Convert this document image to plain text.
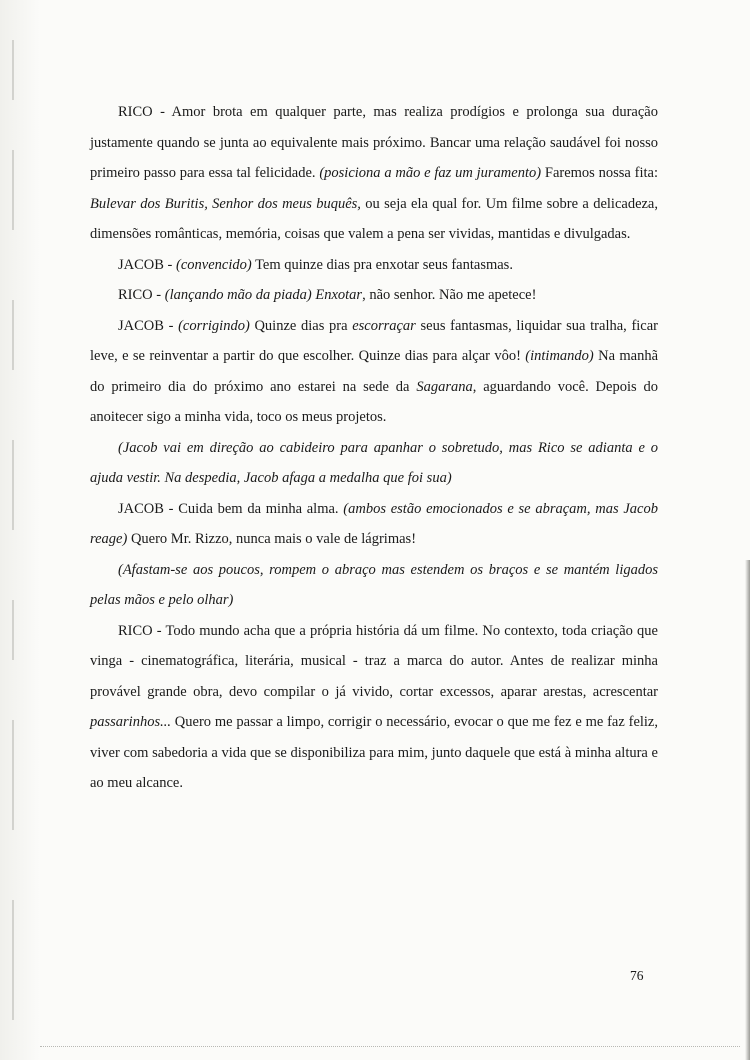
RICO - Amor brota em qualquer parte, mas realiza prodígios e prolonga sua duração justamente quando se junta ao equivalente mais próximo. Bancar uma relação saudável foi nosso primeiro passo para essa tal felicidade. (posiciona a mão e faz um juramento) Faremos nossa fita: Bulevar dos Buritis, Senhor dos meus buquês, ou seja ela qual for. Um filme sobre a delicadeza, dimensões românticas, memória, coisas que valem a pena ser vividas, mantidas e divulgadas.

JACOB - (convencido) Tem quinze dias pra enxotar seus fantasmas.

RICO - (lançando mão da piada) Enxotar, não senhor. Não me apetece!

JACOB - (corrigindo) Quinze dias pra escorraçar seus fantasmas, liquidar sua tralha, ficar leve, e se reinventar a partir do que escolher. Quinze dias para alçar vôo! (intimando) Na manhã do primeiro dia do próximo ano estarei na sede da Sagarana, aguardando você. Depois do anoitecer sigo a minha vida, toco os meus projetos.

(Jacob vai em direção ao cabideiro para apanhar o sobretudo, mas Rico se adianta e o ajuda vestir. Na despedia, Jacob afaga a medalha que foi sua)

JACOB - Cuida bem da minha alma. (ambos estão emocionados e se abraçam, mas Jacob reage) Quero Mr. Rizzo, nunca mais o vale de lágrimas!

(Afastam-se aos poucos, rompem o abraço mas estendem os braços e se mantém ligados pelas mãos e pelo olhar)

RICO - Todo mundo acha que a própria história dá um filme. No contexto, toda criação que vinga - cinematográfica, literária, musical - traz a marca do autor. Antes de realizar minha provável grande obra, devo compilar o já vivido, cortar excessos, aparar arestas, acrescentar passarinhos... Quero me passar a limpo, corrigir o necessário, evocar o que me fez e me faz feliz, viver com sabedoria a vida que se disponibiliza para mim, junto daquele que está à minha altura e ao meu alcance.

76
